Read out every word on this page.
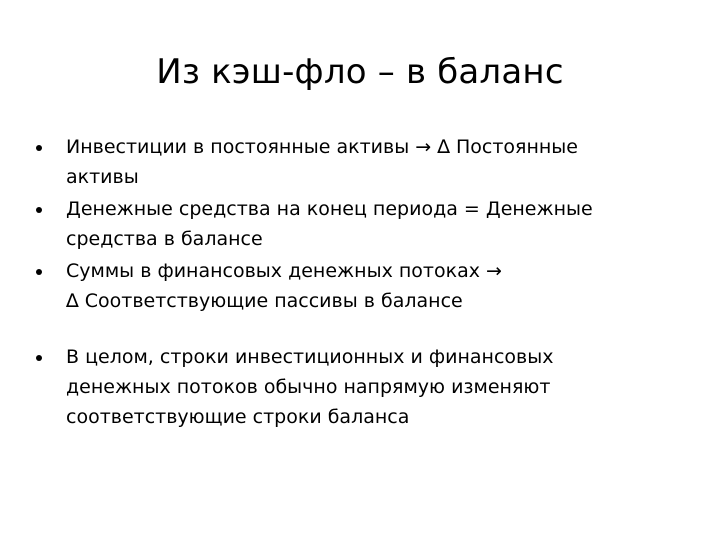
Из кэш-фло – в баланс
Инвестиции в постоянные активы → ∆ Постоянные
активы
Денежные средства на конец периода = Денежные
средства в балансе
Суммы в финансовых денежных потоках →
∆ Соответствующие пассивы в балансе
В целом, строки инвестиционных и финансовых
денежных потоков обычно напрямую изменяют
соответствующие строки баланса
